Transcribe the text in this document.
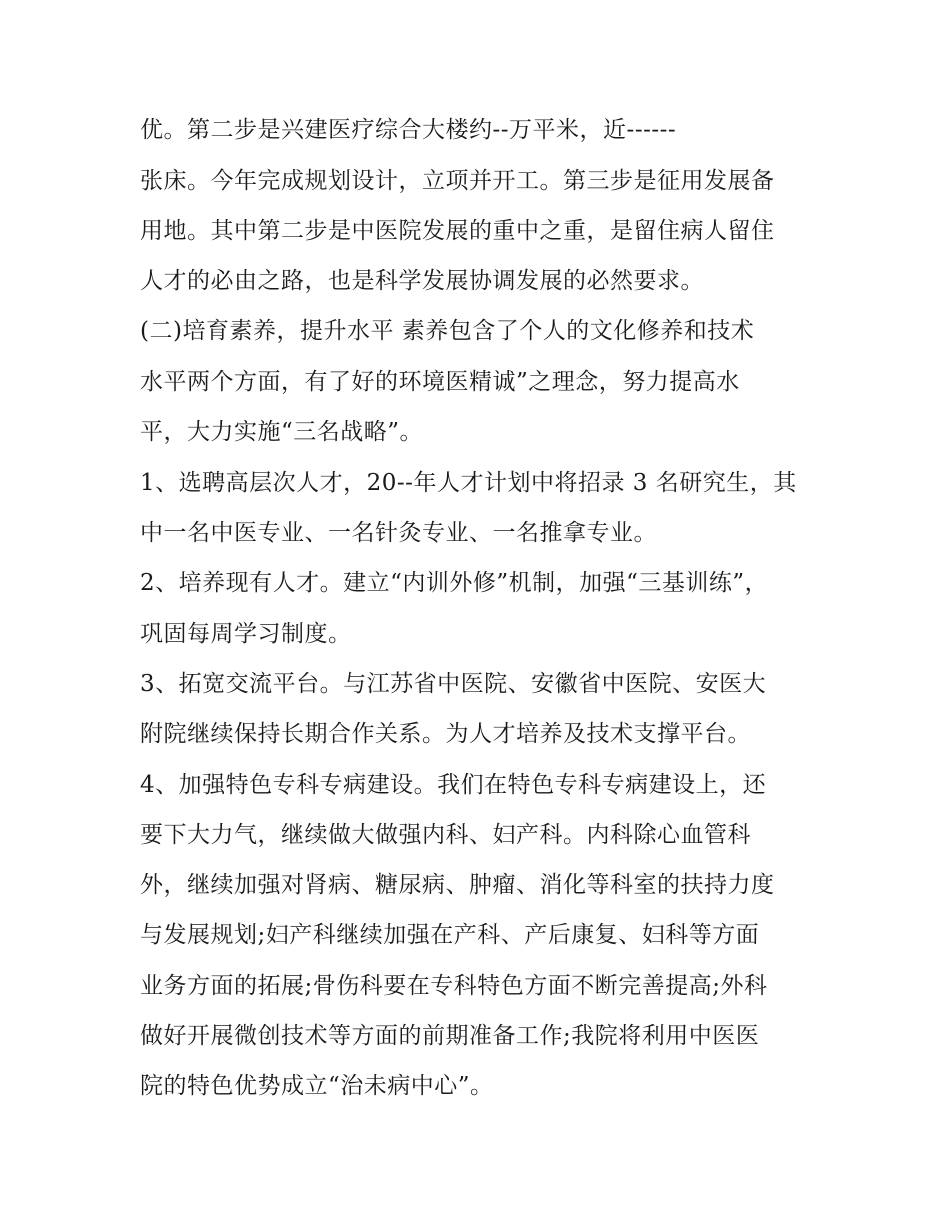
优。第二步是兴建医疗综合大楼约--万平米，近------

张床。今年完成规划设计，立项并开工。第三步是征用发展备

用地。其中第二步是中医院发展的重中之重，是留住病人留住

人才的必由之路，也是科学发展协调发展的必然要求。

(二)培育素养，提升水平 素养包含了个人的文化修养和技术

水平两个方面，有了好的环境医精诚”之理念，努力提高水

平，大力实施“三名战略”。

1、选聘高层次人才，20--年人才计划中将招录 3 名研究生，其

中一名中医专业、一名针灸专业、一名推拿专业。

2、培养现有人才。建立“内训外修”机制，加强“三基训练”，

巩固每周学习制度。

3、拓宽交流平台。与江苏省中医院、安徽省中医院、安医大

附院继续保持长期合作关系。为人才培养及技术支撑平台。

4、加强特色专科专病建设。我们在特色专科专病建设上，还

要下大力气，继续做大做强内科、妇产科。内科除心血管科

外，继续加强对肾病、糖尿病、肿瘤、消化等科室的扶持力度

与发展规划;妇产科继续加强在产科、产后康复、妇科等方面

业务方面的拓展;骨伤科要在专科特色方面不断完善提高;外科

做好开展微创技术等方面的前期准备工作;我院将利用中医医

院的特色优势成立“治未病中心”。
